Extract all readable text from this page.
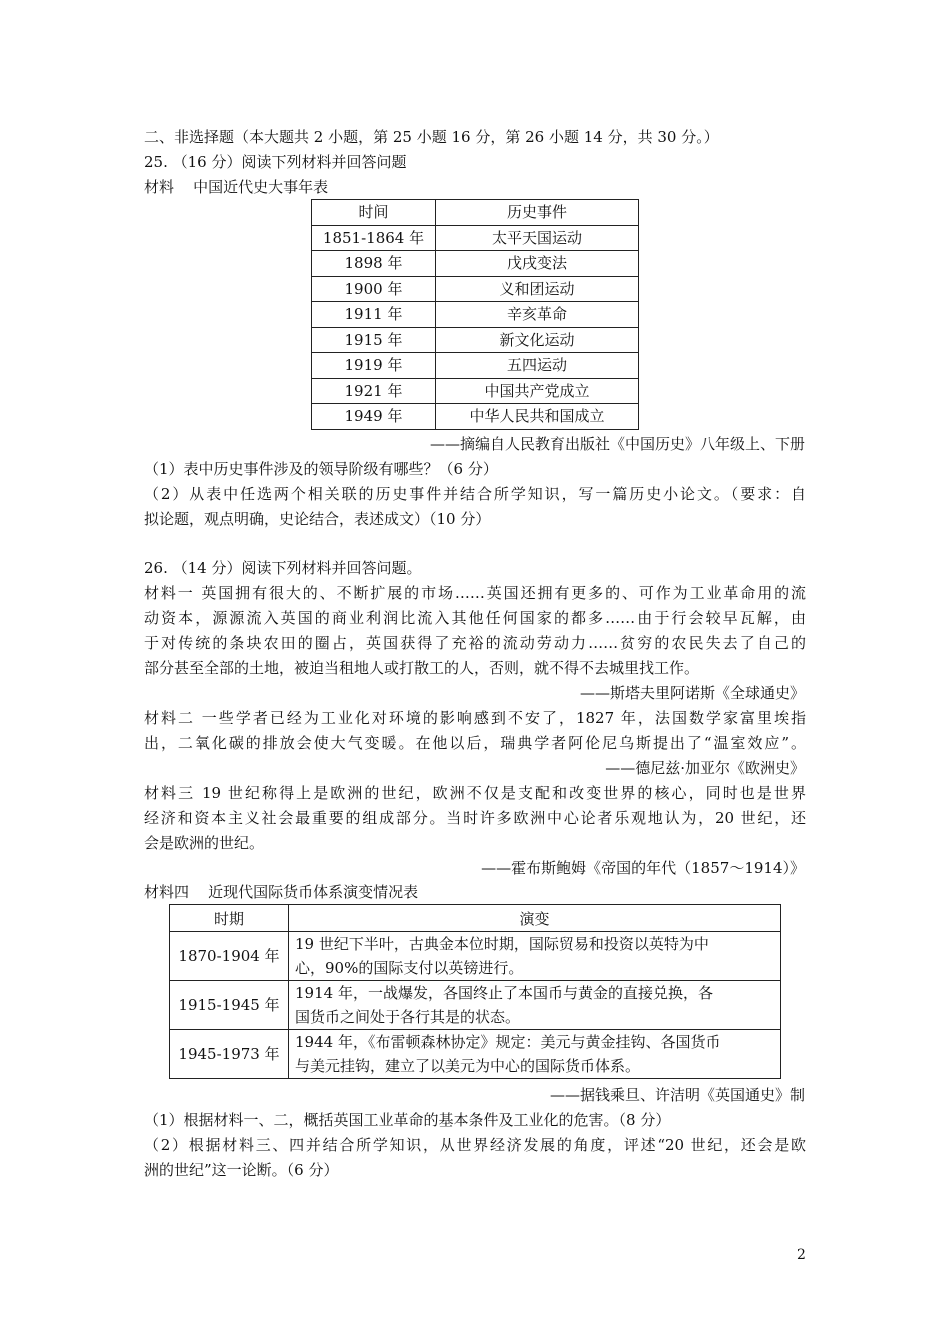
二、非选择题（本大题共 2 小题，第 25 小题 16 分，第 26 小题 14 分，共 30 分。）
25. （16 分）阅读下列材料并回答问题
材料    中国近代史大事年表
时间	历史事件
1851-1864 年	太平天国运动
1898 年	戊戌变法
1900 年	义和团运动
1911 年	辛亥革命
1915 年	新文化运动
1919 年	五四运动
1921 年	中国共产党成立
1949 年	中华人民共和国成立
——摘编自人民教育出版社《中国历史》八年级上、下册
（1）表中历史事件涉及的领导阶级有哪些？（6 分）
（2）从表中任选两个相关联的历史事件并结合所学知识，写一篇历史小论文。（要求：自
拟论题，观点明确，史论结合，表述成文）（10 分）
26. （14 分）阅读下列材料并回答问题。
材料一 英国拥有很大的、不断扩展的市场……英国还拥有更多的、可作为工业革命用的流
动资本，源源流入英国的商业利润比流入其他任何国家的都多……由于行会较早瓦解，由
于对传统的条块农田的圈占，英国获得了充裕的流动劳动力……贫穷的农民失去了自己的
部分甚至全部的土地，被迫当租地人或打散工的人，否则，就不得不去城里找工作。
——斯塔夫里阿诺斯《全球通史》
材料二 一些学者已经为工业化对环境的影响感到不安了，1827 年，法国数学家富里埃指
出，二氧化碳的排放会使大气变暖。在他以后，瑞典学者阿伦尼乌斯提出了“温室效应”。
——德尼兹·加亚尔《欧洲史》
材料三 19 世纪称得上是欧洲的世纪，欧洲不仅是支配和改变世界的核心，同时也是世界
经济和资本主义社会最重要的组成部分。当时许多欧洲中心论者乐观地认为，20 世纪，还
会是欧洲的世纪。
——霍布斯鲍姆《帝国的年代（1857～1914）》
材料四    近现代国际货币体系演变情况表
时期	演变
1870-1904 年	19 世纪下半叶，古典金本位时期，国际贸易和投资以英特为中
心，90%的国际支付以英镑进行。
1915-1945 年	1914 年，一战爆发，各国终止了本国币与黄金的直接兑换，各
国货币之间处于各行其是的状态。
1945-1973 年	1944 年，《布雷顿森林协定》规定：美元与黄金挂钩、各国货币
与美元挂钩，建立了以美元为中心的国际货币体系。
——据钱乘旦、许洁明《英国通史》制
（1）根据材料一、二，概括英国工业革命的基本条件及工业化的危害。（8 分）
（2）根据材料三、四并结合所学知识，从世界经济发展的角度，评述“20 世纪，还会是欧
洲的世纪”这一论断。（6 分）
2
